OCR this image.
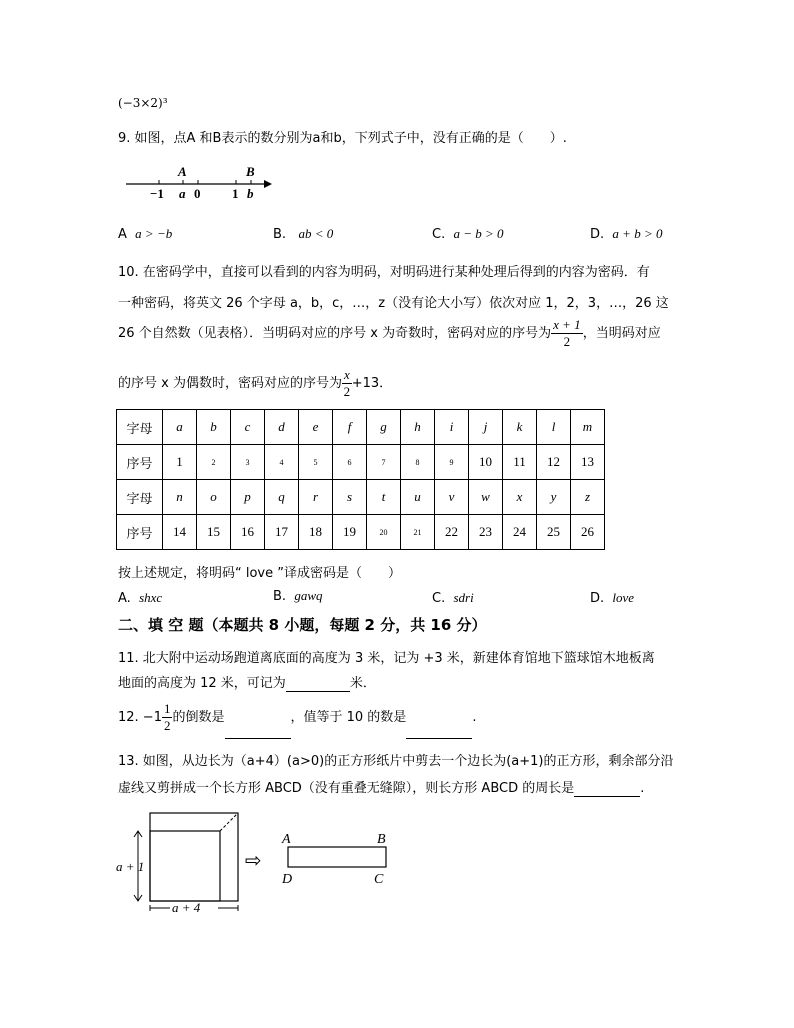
(−3×2)³
9. 如图，点A 和B表示的数分别为a和b，下列式子中，没有正确的是（　　）.
A	B
−1 a 0 1 b
A a > −b	B. ab < 0	C. a − b > 0	D. a + b > 0
10. 在密码学中，直接可以看到的内容为明码，对明码进行某种处理后得到的内容为密码．有
一种密码，将英文 26 个字母 a，b，c，…，z（没有论大小写）依次对应 1，2，3，…，26 这
26 个自然数（见表格）．当明码对应的序号 x 为奇数时，密码对应的序号为 $\frac{x + 1}{2}$ ，当明码对应
的序号 x 为偶数时，密码对应的序号为 $\frac{x}{2} +13$．
字母	a	b	c	d	e	f	g	h	i	j	k	l	m
序号	1	2	3	4	5	6	7	8	9	10	11	12	13
字母	n	o	p	q	r	s	t	u	v	w	x	y	z
序号	14	15	16	17	18	19	20	21	22	23	24	25	26
按上述规定，将明码“ love ”译成密码是（　　）
A. shxc	B. gawq	C. sdri	D. love
二、填 空 题（本题共 8 小题，每题 2 分，共 16 分）
11. 北大附中运动场跑道离底面的高度为 3 米，记为 +3 米，新建体育馆地下篮球馆木地板离
地面的高度为 12 米，可记为	米．
12. $-1 \frac{1}{2}$ 的倒数是	，值等于 10 的数是	.
13. 如图，从边长为（a+4）(a>0)的正方形纸片中剪去一个边长为(a+1)的正方形，剩余部分沿
虚线又剪拼成一个长方形 ABCD（没有重叠无缝隙），则长方形 ABCD 的周长是	.
a + 1
a + 4
⇨
A	B
C
D
